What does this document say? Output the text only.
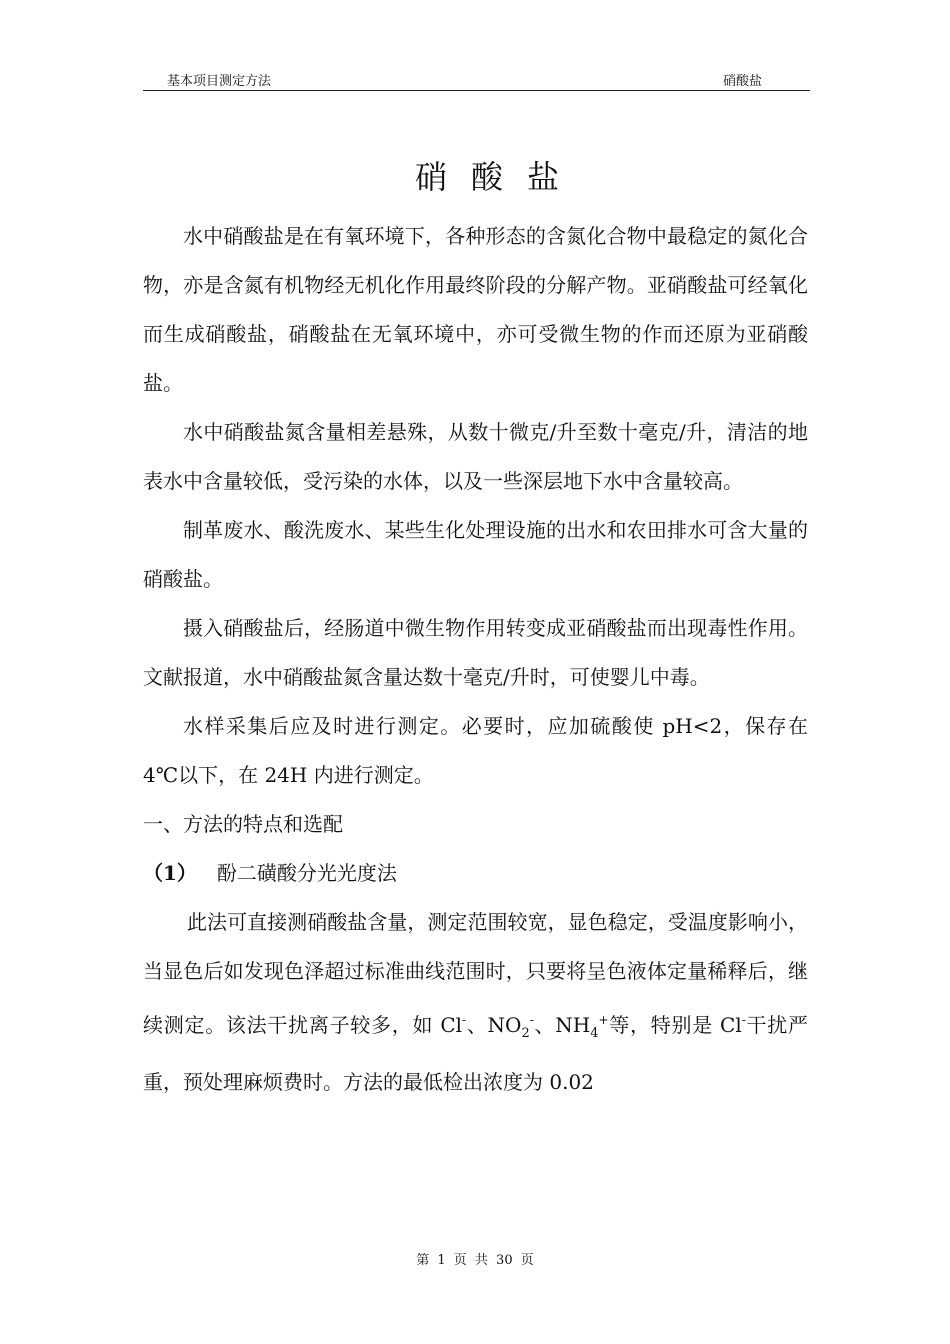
基本项目测定方法	硝酸盐
硝酸盐

水中硝酸盐是在有氧环境下，各种形态的含氮化合物中最稳定的氮化合物，亦是含氮有机物经无机化作用最终阶段的分解产物。亚硝酸盐可经氧化而生成硝酸盐，硝酸盐在无氧环境中，亦可受微生物的作而还原为亚硝酸盐。

水中硝酸盐氮含量相差悬殊，从数十微克/升至数十毫克/升，清洁的地表水中含量较低，受污染的水体，以及一些深层地下水中含量较高。

制革废水、酸洗废水、某些生化处理设施的出水和农田排水可含大量的硝酸盐。

摄入硝酸盐后，经肠道中微生物作用转变成亚硝酸盐而出现毒性作用。文献报道，水中硝酸盐氮含量达数十毫克/升时，可使婴儿中毒。

水样采集后应及时进行测定。必要时，应加硫酸使 pH<2，保存在 4℃以下，在 24H 内进行测定。

一、方法的特点和选配

（1） 酚二磺酸分光光度法

此法可直接测硝酸盐含量，测定范围较宽，显色稳定，受温度影响小，当显色后如发现色泽超过标准曲线范围时，只要将呈色液体定量稀释后，继续测定。该法干扰离子较多，如 Cl-、$NO_2^-$、$NH_4^+$等，特别是 Cl-干扰严重，预处理麻烦费时。方法的最低检出浓度为 0.02

第 1 页 共 30 页
